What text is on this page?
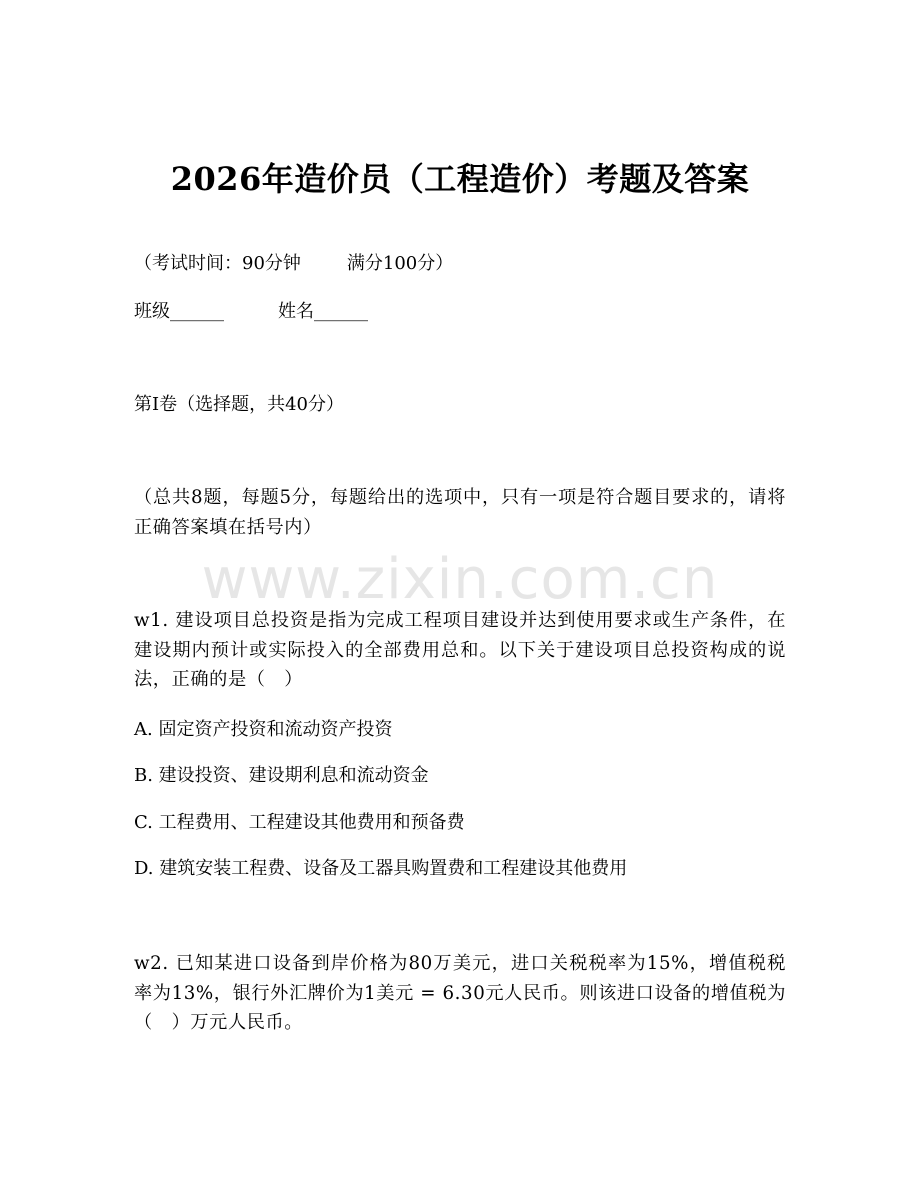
www.zixin.com.cn
2026年造价员（工程造价）考题及答案
（考试时间：90分钟	满分100分）
班级______	姓名______
第I卷（选择题，共40分）
（总共8题，每题5分，每题给出的选项中，只有一项是符合题目要求的，请将正确答案填在括号内）
w1. 建设项目总投资是指为完成工程项目建设并达到使用要求或生产条件，在建设期内预计或实际投入的全部费用总和。以下关于建设项目总投资构成的说法，正确的是（　）
A. 固定资产投资和流动资产投资
B. 建设投资、建设期利息和流动资金
C. 工程费用、工程建设其他费用和预备费
D. 建筑安装工程费、设备及工器具购置费和工程建设其他费用
w2. 已知某进口设备到岸价格为80万美元，进口关税税率为15%，增值税税率为13%，银行外汇牌价为1美元 = 6.30元人民币。则该进口设备的增值税为（　）万元人民币。
